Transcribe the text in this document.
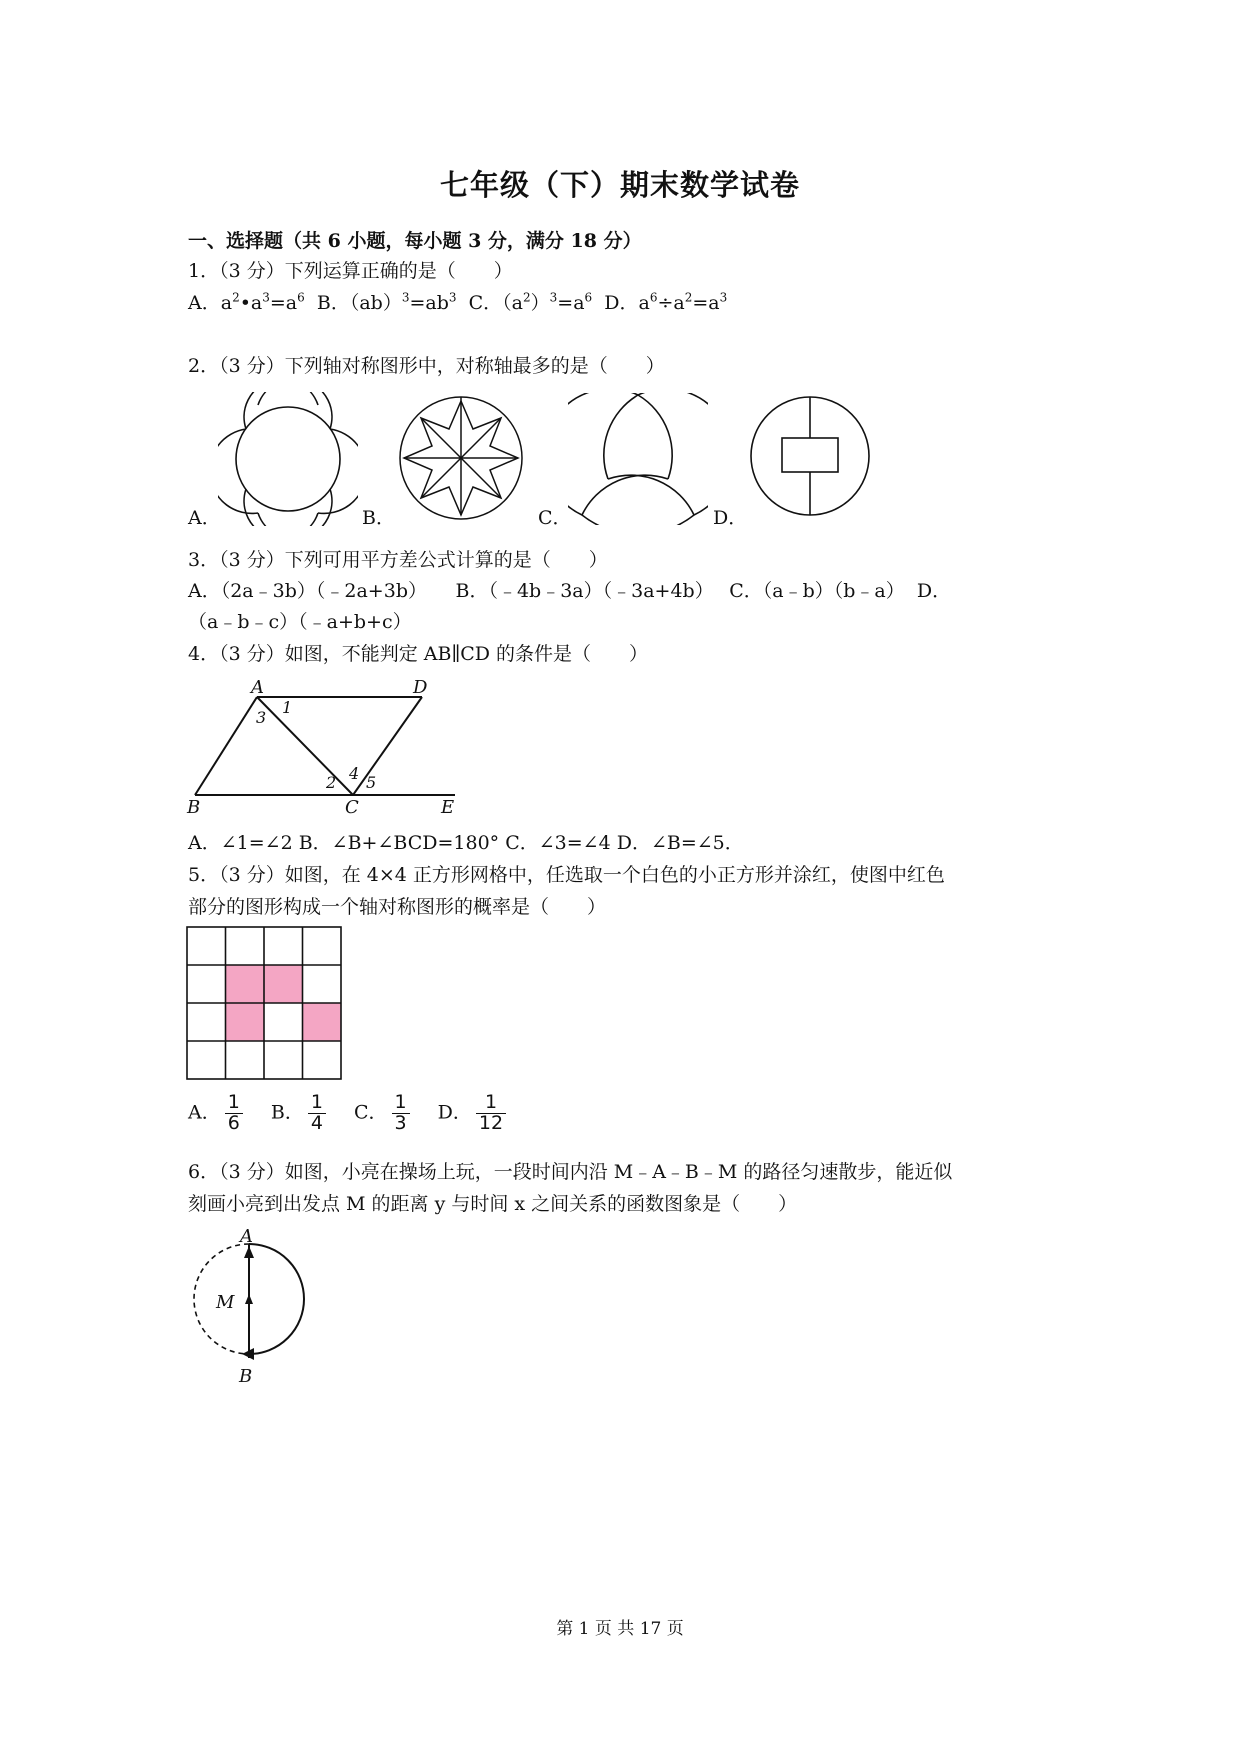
七年级（下）期末数学试卷
一、选择题（共 6 小题，每小题 3 分，满分 18 分）
1．（3 分）下列运算正确的是（　　）
A．$a^2•a^3=a^6$  B．$(ab)^3=ab^3$  C．$(a^2)^3=a^6$  D．$a^6\div a^2=a^3$
2．（3 分）下列轴对称图形中，对称轴最多的是（　　）
A．	B．	C．	D．
3．（3 分）下列可用平方差公式计算的是（　　）
A．（2a﹣3b）（﹣2a+3b）　　B．（﹣4b﹣3a）（﹣3a+4b）　 C．（a﹣b）（b﹣a）  D．
（a﹣b﹣c）（﹣a+b+c）
4．（3 分）如图，不能判定 AB∥CD 的条件是（　　）
A	D
B	C	E
1
3
2 4 5
A．∠1=∠2 B．∠B+∠BCD=180° C．∠3=∠4 D．∠B=∠5．
5．（3 分）如图，在 4×4 正方形网格中，任选取一个白色的小正方形并涂红，使图中红色
部分的图形构成一个轴对称图形的概率是（　　）
A． $\frac{1}{6}$ B． $\frac{1}{4}$ C． $\frac{1}{3}$ D． $\frac{1}{12}$
6．（3 分）如图，小亮在操场上玩，一段时间内沿 M﹣A﹣B﹣M 的路径匀速散步，能近似
刻画小亮到出发点 M 的距离 y 与时间 x 之间关系的函数图象是（　　）
A
M
B
第 1 页 共 17 页
